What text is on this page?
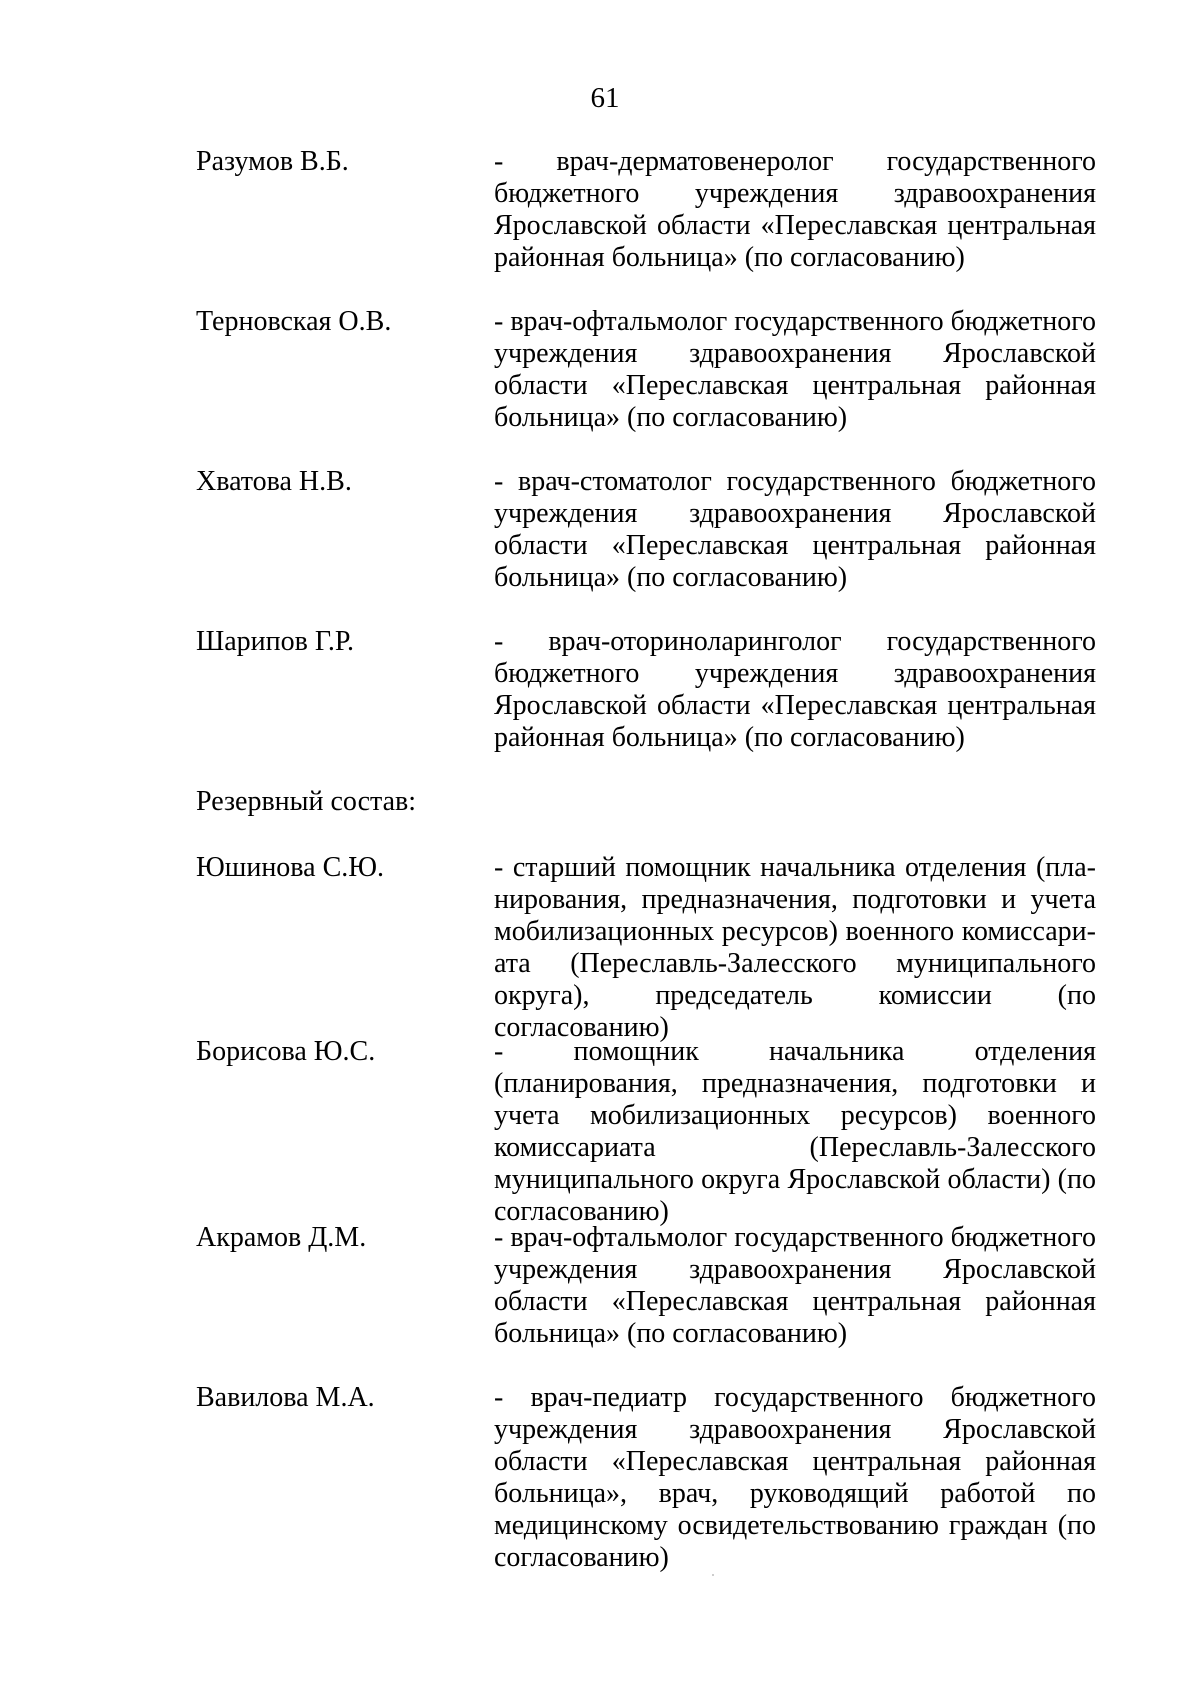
61
Разумов В.Б.	- врач-дерматовенеролог государственного бюджетного учреждения здравоохранения Ярославской области «Переславская центральная районная больница» (по согласованию)
Терновская О.В.	- врач-офтальмолог государственного бюджетного учреждения здравоохранения Ярославской области «Переславская центральная районная больница» (по согласованию)
Хватова Н.В.	- врач-стоматолог государственного бюджетного учреждения здравоохранения Ярославской области «Переславская центральная районная больница» (по согласованию)
Шарипов Г.Р.	- врач-оториноларинголог государственного бюджетного учреждения здравоохранения Ярославской области «Переславская центральная районная больница» (по согласованию)
Резервный состав:
Юшинова С.Ю.	- старший помощник начальника отделения (планирования, предназначения, подготовки и учета мобилизационных ресурсов) военного комиссариата (Переславль-Залесского муниципального округа), председатель комиссии (по согласованию)
Борисова Ю.С.	- помощник начальника отделения (планирования, предназначения, подготовки и учета мобилизационных ресурсов) военного комиссариата (Переславль-Залесского муниципального округа Ярославской области) (по согласованию)
Акрамов Д.М.	- врач-офтальмолог государственного бюджетного учреждения здравоохранения Ярославской области «Переславская центральная районная больница» (по согласованию)
Вавилова М.А.	- врач-педиатр государственного бюджетного учреждения здравоохранения Ярославской области «Переславская центральная районная больница», врач, руководящий работой по медицинскому освидетельствованию граждан (по согласованию)
